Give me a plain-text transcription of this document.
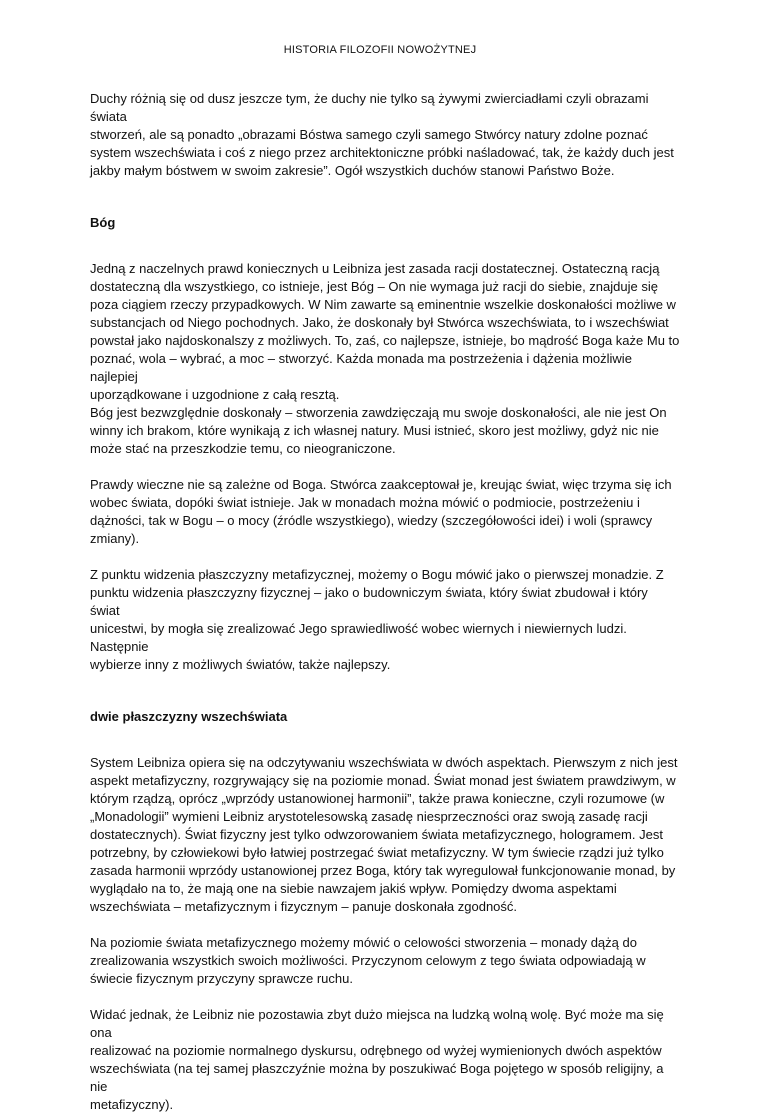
HISTORIA FILOZOFII NOWOŻYTNEJ

Duchy różnią się od dusz jeszcze tym, że duchy nie tylko są żywymi zwierciadłami czyli obrazami świata
stworzeń, ale są ponadto „obrazami Bóstwa samego czyli samego Stwórcy natury zdolne poznać
system wszechświata i coś z niego przez architektoniczne próbki naśladować, tak, że każdy duch jest
jakby małym bóstwem w swoim zakresie”. Ogół wszystkich duchów stanowi Państwo Boże.

Bóg

Jedną z naczelnych prawd koniecznych u Leibniza jest zasada racji dostatecznej. Ostateczną racją
dostateczną dla wszystkiego, co istnieje, jest Bóg – On nie wymaga już racji do siebie, znajduje się
poza ciągiem rzeczy przypadkowych. W Nim zawarte są eminentnie wszelkie doskonałości możliwe w
substancjach od Niego pochodnych. Jako, że doskonały był Stwórca wszechświata, to i wszechświat
powstał jako najdoskonalszy z możliwych. To, zaś, co najlepsze, istnieje, bo mądrość Boga każe Mu to
poznać, wola – wybrać, a moc – stworzyć. Każda monada ma postrzeżenia i dążenia możliwie najlepiej
uporządkowane i uzgodnione z całą resztą.
Bóg jest bezwzględnie doskonały – stworzenia zawdzięczają mu swoje doskonałości, ale nie jest On
winny ich brakom, które wynikają z ich własnej natury. Musi istnieć, skoro jest możliwy, gdyż nic nie
może stać na przeszkodzie temu, co nieograniczone.

Prawdy wieczne nie są zależne od Boga. Stwórca zaakceptował je, kreując świat, więc trzyma się ich
wobec świata, dopóki świat istnieje. Jak w monadach można mówić o podmiocie, postrzeżeniu i
dążności, tak w Bogu – o mocy (źródle wszystkiego), wiedzy (szczegółowości idei) i woli (sprawcy
zmiany).

Z punktu widzenia płaszczyzny metafizycznej, możemy o Bogu mówić jako o pierwszej monadzie. Z
punktu widzenia płaszczyzny fizycznej – jako o budowniczym świata, który świat zbudował i który świat
unicestwi, by mogła się zrealizować Jego sprawiedliwość wobec wiernych i niewiernych ludzi. Następnie
wybierze inny z możliwych światów, także najlepszy.

dwie płaszczyzny wszechświata

System Leibniza opiera się na odczytywaniu wszechświata w dwóch aspektach. Pierwszym z nich jest
aspekt metafizyczny, rozgrywający się na poziomie monad. Świat monad jest światem prawdziwym, w
którym rządzą, oprócz „wprzódy ustanowionej harmonii”, także prawa konieczne, czyli rozumowe (w
„Monadologii” wymieni Leibniz arystotelesowską zasadę niesprzeczności oraz swoją zasadę racji
dostatecznych). Świat fizyczny jest tylko odwzorowaniem świata metafizycznego, hologramem. Jest
potrzebny, by człowiekowi było łatwiej postrzegać świat metafizyczny. W tym świecie rządzi już tylko
zasada harmonii wprzódy ustanowionej przez Boga, który tak wyregulował funkcjonowanie monad, by
wyglądało na to, że mają one na siebie nawzajem jakiś wpływ. Pomiędzy dwoma aspektami
wszechświata – metafizycznym i fizycznym – panuje doskonała zgodność.

Na poziomie świata metafizycznego możemy mówić o celowości stworzenia – monady dążą do
zrealizowania wszystkich swoich możliwości. Przyczynom celowym z tego świata odpowiadają w
świecie fizycznym przyczyny sprawcze ruchu.

Widać jednak, że Leibniz nie pozostawia zbyt dużo miejsca na ludzką wolną wolę. Być może ma się ona
realizować na poziomie normalnego dyskursu, odrębnego od wyżej wymienionych dwóch aspektów
wszechświata (na tej samej płaszczyźnie można by poszukiwać Boga pojętego w sposób religijny, a nie
metafizyczny).
